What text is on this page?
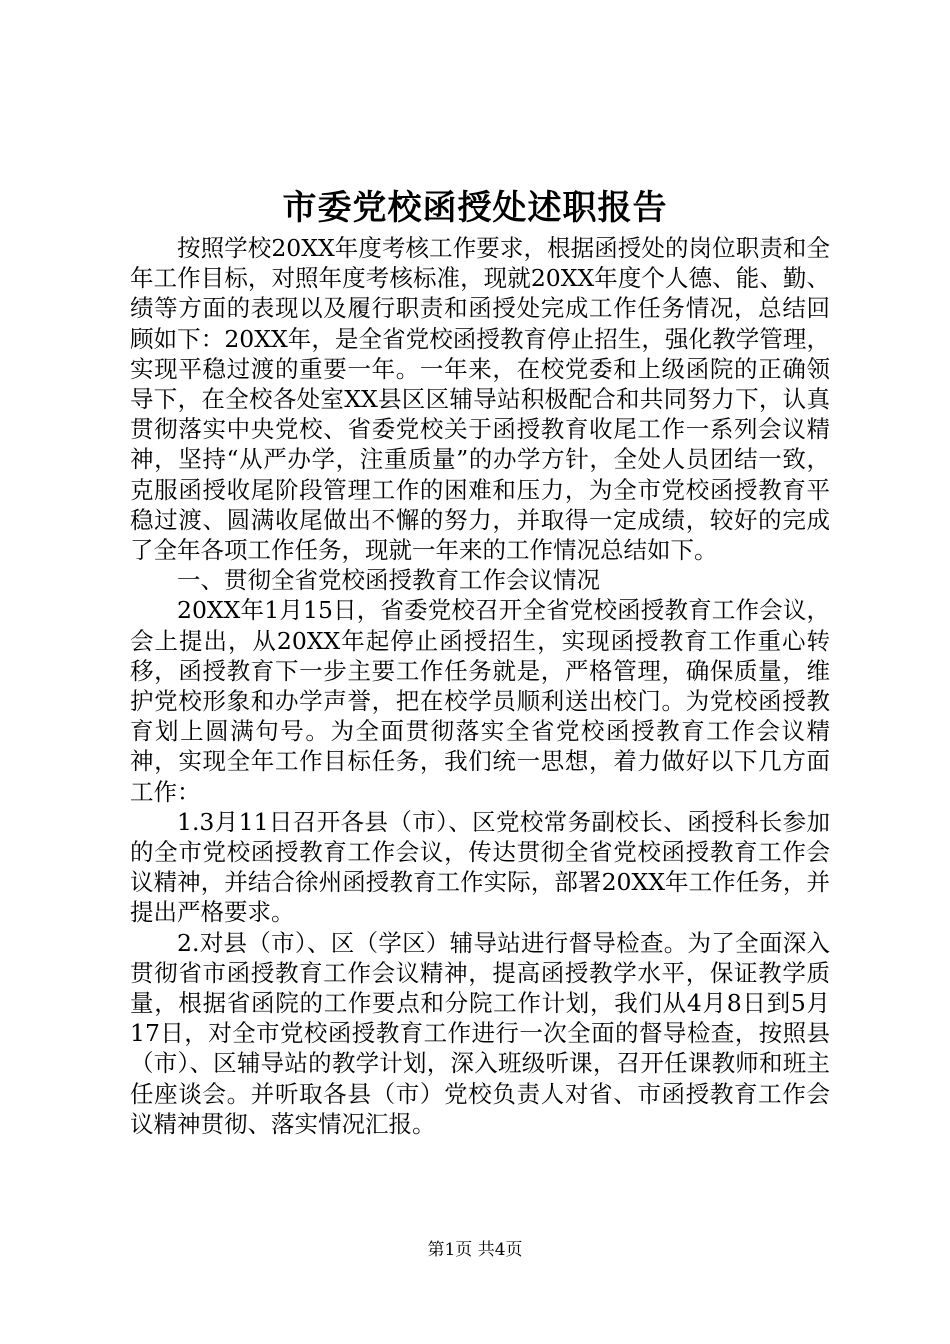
市委党校函授处述职报告

按照学校20XX年度考核工作要求，根据函授处的岗位职责和全年工作目标，对照年度考核标准，现就20XX年度个人德、能、勤、绩等方面的表现以及履行职责和函授处完成工作任务情况，总结回顾如下：20XX年，是全省党校函授教育停止招生，强化教学管理，实现平稳过渡的重要一年。一年来，在校党委和上级函院的正确领导下，在全校各处室XX县区区辅导站积极配合和共同努力下，认真贯彻落实中央党校、省委党校关于函授教育收尾工作一系列会议精神，坚持“从严办学，注重质量”的办学方针，全处人员团结一致，克服函授收尾阶段管理工作的困难和压力，为全市党校函授教育平稳过渡、圆满收尾做出不懈的努力，并取得一定成绩，较好的完成了全年各项工作任务，现就一年来的工作情况总结如下。

一、贯彻全省党校函授教育工作会议情况

20XX年1月15日，省委党校召开全省党校函授教育工作会议，会上提出，从20XX年起停止函授招生，实现函授教育工作重心转移，函授教育下一步主要工作任务就是，严格管理，确保质量，维护党校形象和办学声誉，把在校学员顺利送出校门。为党校函授教育划上圆满句号。为全面贯彻落实全省党校函授教育工作会议精神，实现全年工作目标任务，我们统一思想，着力做好以下几方面工作：

1.3月11日召开各县（市）、区党校常务副校长、函授科长参加的全市党校函授教育工作会议，传达贯彻全省党校函授教育工作会议精神，并结合徐州函授教育工作实际，部署20XX年工作任务，并提出严格要求。

2.对县（市）、区（学区）辅导站进行督导检查。为了全面深入贯彻省市函授教育工作会议精神，提高函授教学水平，保证教学质量，根据省函院的工作要点和分院工作计划，我们从4月8日到5月17日，对全市党校函授教育工作进行一次全面的督导检查，按照县（市）、区辅导站的教学计划，深入班级听课，召开任课教师和班主任座谈会。并听取各县（市）党校负责人对省、市函授教育工作会议精神贯彻、落实情况汇报。

第1页 共4页
